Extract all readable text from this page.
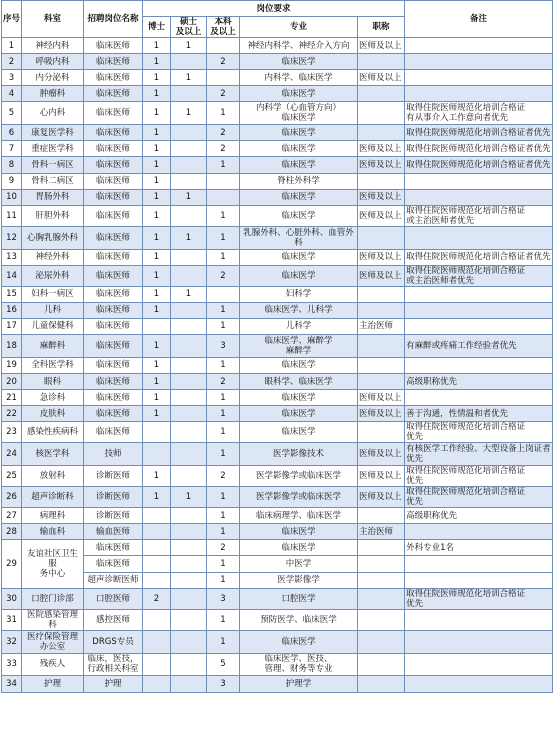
序号	科室	招聘岗位名称	岗位要求					备注
			博士	硕士
及以上	本科
及以上	专业	职称	
1	神经内科	临床医师	1	1		神经内科学、神经介入方向	医师及以上	
2	呼吸内科	临床医师	1		2	临床医学		
3	内分泌科	临床医师	1	1		内科学、临床医学	医师及以上	
4	肿瘤科	临床医师	1		2	临床医学		
5	心内科	临床医师	1	1	1	内科学（心血管方向）
临床医学		取得住院医师规范化培训合格证
有从事介入工作意向者优先
6	康复医学科	临床医师	1		2	临床医学		取得住院医师规范化培训合格证者优先
7	重症医学科	临床医师	1		2	临床医学	医师及以上	取得住院医师规范化培训合格证者优先
8	骨科一病区	临床医师	1		1	临床医学	医师及以上	取得住院医师规范化培训合格证者优先
9	骨科二病区	临床医师	1			脊柱外科学		
10	胃肠外科	临床医师	1	1		临床医学	医师及以上	
11	肝胆外科	临床医师	1		1	临床医学	医师及以上	取得住院医师规范化培训合格证
或主治医师者优先
12	心胸乳腺外科	临床医师	1	1	1	乳腺外科、心脏外科、血管外
科		
13	神经外科	临床医师	1		1	临床医学	医师及以上	取得住院医师规范化培训合格证者优先
14	泌尿外科	临床医师	1		2	临床医学	医师及以上	取得住院医师规范化培训合格证
或主治医师者优先
15	妇科一病区	临床医师	1	1		妇科学		
16	儿科	临床医师	1		1	临床医学、儿科学		
17	儿童保健科	临床医师			1	儿科学	主治医师	
18	麻醉科	临床医师	1		3	临床医学、麻醉学
麻醉学		有麻醉或疼痛工作经验者优先
19	全科医学科	临床医师	1		1	临床医学		
20	眼科	临床医师	1		2	眼科学、临床医学		高级职称优先
21	急诊科	临床医师	1		1	临床医学	医师及以上	
22	皮肤科	临床医师	1		1	临床医学	医师及以上	善于沟通，性情温和者优先
23	感染性疾病科	临床医师			1	临床医学		取得住院医师规范化培训合格证
优先
24	核医学科	技师			1	医学影像技术	医师及以上	有核医学工作经验、大型设备上岗证者
优先
25	放射科	诊断医师	1		2	医学影像学或临床医学	医师及以上	取得住院医师规范化培训合格证
优先
26	超声诊断科	诊断医师	1	1	1	医学影像学或临床医学	医师及以上	取得住院医师规范化培训合格证
优先
27	病理科	诊断医师			1	临床病理学、临床医学		高级职称优先
28	输血科	输血医师			1	临床医学	主治医师	
29	友谊社区卫生服
务中心	临床医师			2	临床医学		外科专业1名
		临床医师			1	中医学		
		超声诊断医师			1	医学影像学		
30	口腔门诊部	口腔医师	2		3	口腔医学		取得住院医师规范化培训合格证
优先
31	医院感染管理科	感控医师			1	预防医学、临床医学		
32	医疗保险管理
办公室	DRGS专员			1	临床医学		
33	残疾人	临床，医技，
行政相关科室			5	临床医学、医技、
管理、财务等专业		
34	护理	护理			3	护理学		
